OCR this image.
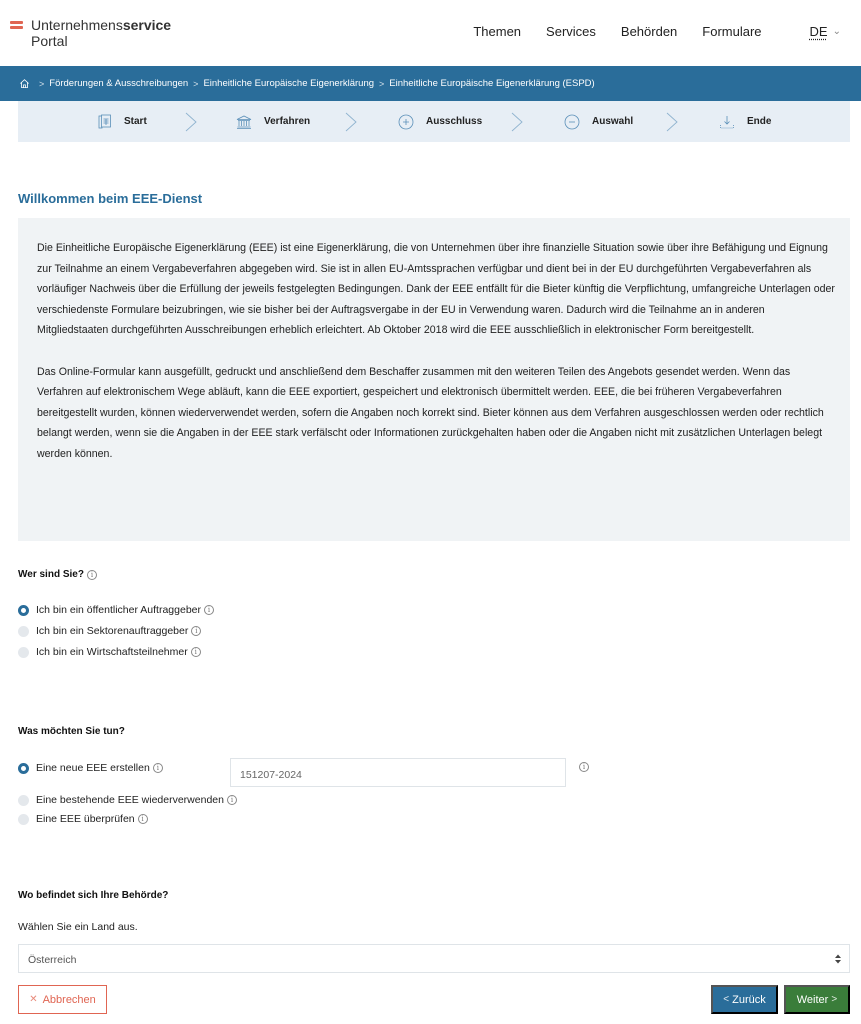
Unternehmensservice
Portal
Themen Services Behörden Formulare	DE ⌄
> Förderungen & Ausschreibungen > Einheitliche Europäische Eigenerklärung > Einheitliche Europäische Eigenerklärung (ESPD)
Start	Verfahren	Ausschluss	Auswahl	Ende
Willkommen beim EEE-Dienst

Die Einheitliche Europäische Eigenerklärung (EEE) ist eine Eigenerklärung, die von Unternehmen über ihre finanzielle Situation sowie über ihre Befähigung und Eignung zur Teilnahme an einem Vergabeverfahren abgegeben wird. Sie ist in allen EU-Amtssprachen verfügbar und dient bei in der EU durchgeführten Vergabeverfahren als vorläufiger Nachweis über die Erfüllung der jeweils festgelegten Bedingungen. Dank der EEE entfällt für die Bieter künftig die Verpflichtung, umfangreiche Unterlagen oder verschiedenste Formulare beizubringen, wie sie bisher bei der Auftragsvergabe in der EU in Verwendung waren. Dadurch wird die Teilnahme an in anderen Mitgliedstaaten durchgeführten Ausschreibungen erheblich erleichtert. Ab Oktober 2018 wird die EEE ausschließlich in elektronischer Form bereitgestellt.

Das Online-Formular kann ausgefüllt, gedruckt und anschließend dem Beschaffer zusammen mit den weiteren Teilen des Angebots gesendet werden. Wenn das Verfahren auf elektronischem Wege abläuft, kann die EEE exportiert, gespeichert und elektronisch übermittelt werden. EEE, die bei früheren Vergabeverfahren bereitgestellt wurden, können wiederverwendet werden, sofern die Angaben noch korrekt sind. Bieter können aus dem Verfahren ausgeschlossen werden oder rechtlich belangt werden, wenn sie die Angaben in der EEE stark verfälscht oder Informationen zurückgehalten haben oder die Angaben nicht mit zusätzlichen Unterlagen belegt werden können.

Wer sind Sie? i
Ich bin ein öffentlicher Auftraggeber i
Ich bin ein Sektorenauftraggeber i
Ich bin ein Wirtschaftsteilnehmer i
Was möchten Sie tun?
Eine neue EEE erstellen i
151207-2024
i
Eine bestehende EEE wiederverwenden i
Eine EEE überprüfen i
Wo befindet sich Ihre Behörde?
Wählen Sie ein Land aus.
Österreich
✕ Abbrechen	<
Zurück	Weiter
>
